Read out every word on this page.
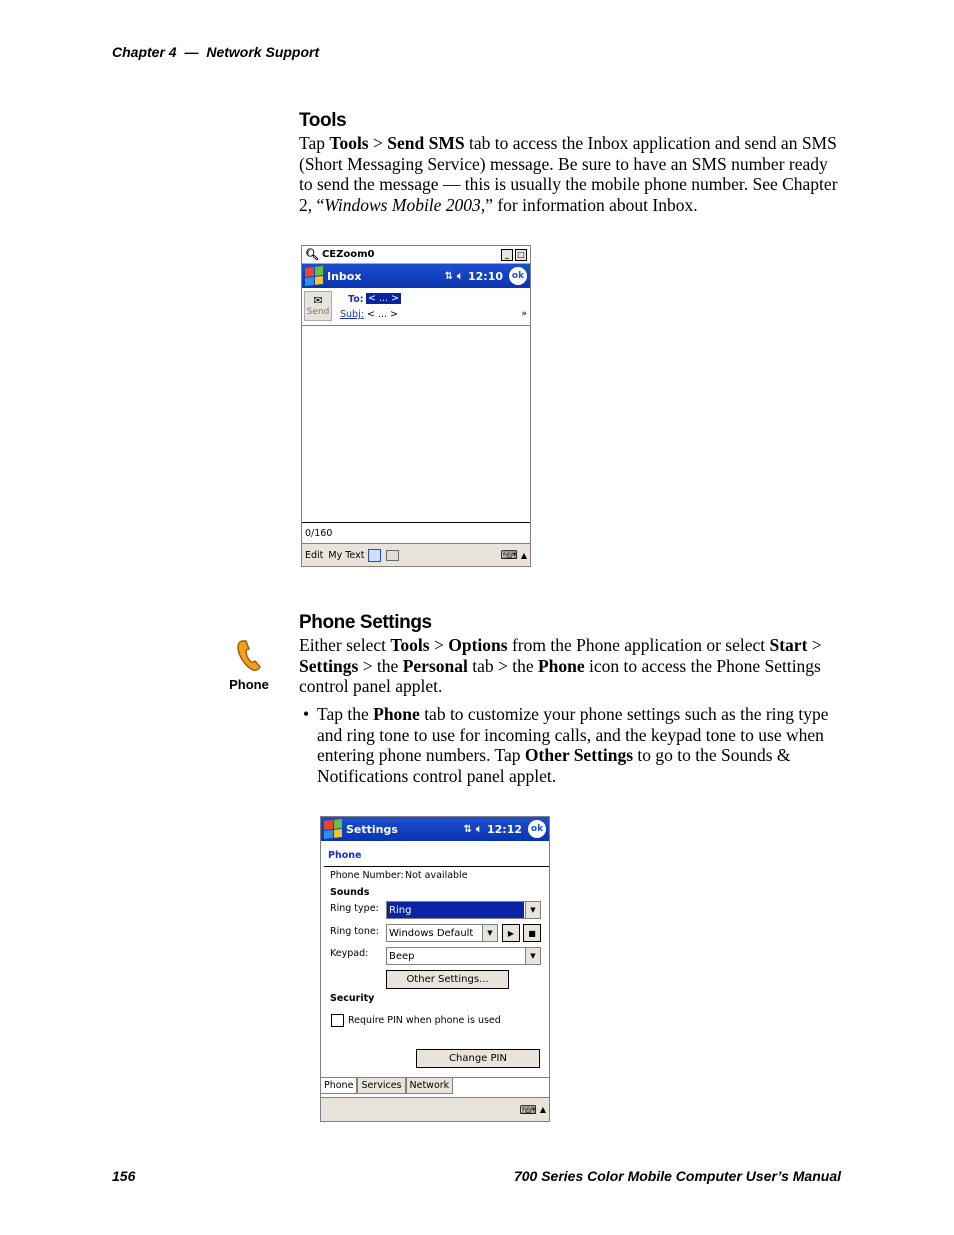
Chapter 4 — Network Support
Tools
Tap Tools > Send SMS tab to access the Inbox application and send an SMS (Short Messaging Service) message. Be sure to have an SMS number ready to send the message — this is usually the mobile phone number. See Chapter 2, “Windows Mobile 2003,” for information about Inbox.
🔍︎ CEZoom0	_	□
Inbox	⇅ 🔈︎ 12:10 ok
✉︎
Send
To: < ... >
Subj: < ... >	»
0/160
Edit My Text	⌨︎ ▲
Phone Settings
Phone
Either select Tools > Options from the Phone application or select Start > Settings > the Personal tab > the Phone icon to access the Phone Settings control panel applet.
• Tap the Phone tab to customize your phone settings such as the ring type and ring tone to use for incoming calls, and the keypad tone to use when entering phone numbers. Tap Other Settings to go to the Sounds & Notifications control panel applet.
Settings	⇅ 🔈︎ 12:12 ok
Phone
Phone Number: Not available
Sounds
Ring type: Ring	▼
Ring tone: Windows Default	▼	▶ ■
Keypad: Beep	▼
Other Settings...
Security
Require PIN when phone is used
Change PIN
Phone Services Network
⌨︎ ▲
156	700 Series Color Mobile Computer User’s Manual
